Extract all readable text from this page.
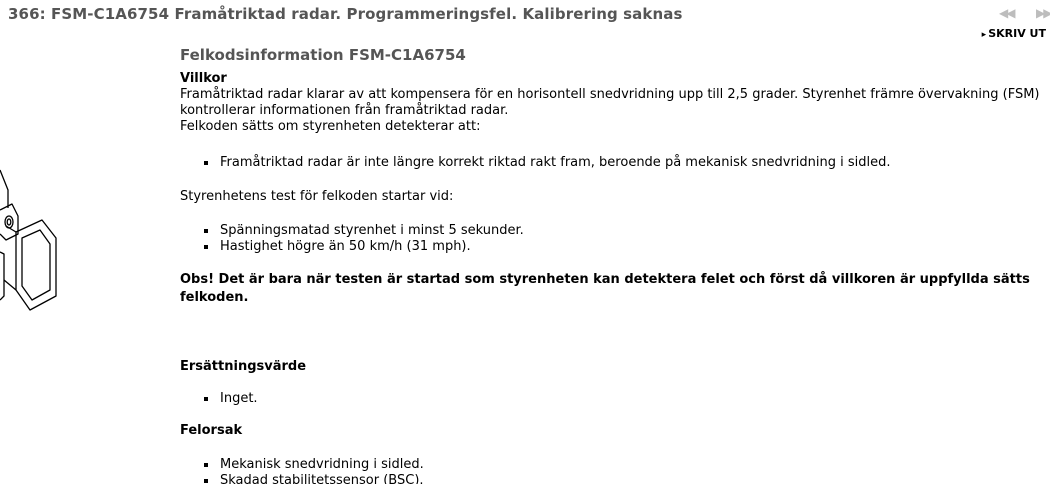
366: FSM-C1A6754 Framåtriktad radar. Programmeringsfel. Kalibrering saknas	◀◀ ▶▶
▸ SKRIV UT
Felkodsinformation FSM-C1A6754
Villkor

Framåtriktad radar klarar av att kompensera för en horisontell snedvridning upp till 2,5 grader. Styrenhet främre övervakning (FSM) kontrollerar informationen från framåtriktad radar.

Felkoden sätts om styrenheten detekterar att:

Framåtriktad radar är inte längre korrekt riktad rakt fram, beroende på mekanisk snedvridning i sidled.

Styrenhetens test för felkoden startar vid:

Spänningsmatad styrenhet i minst 5 sekunder.
Hastighet högre än 50 km/h (31 mph).

Obs! Det är bara när testen är startad som styrenheten kan detektera felet och först då villkoren är uppfyllda sätts felkoden.

Ersättningsvärde
Inget.
Felorsak
Mekanisk snedvridning i sidled.
Skadad stabilitetssensor (BSC).
